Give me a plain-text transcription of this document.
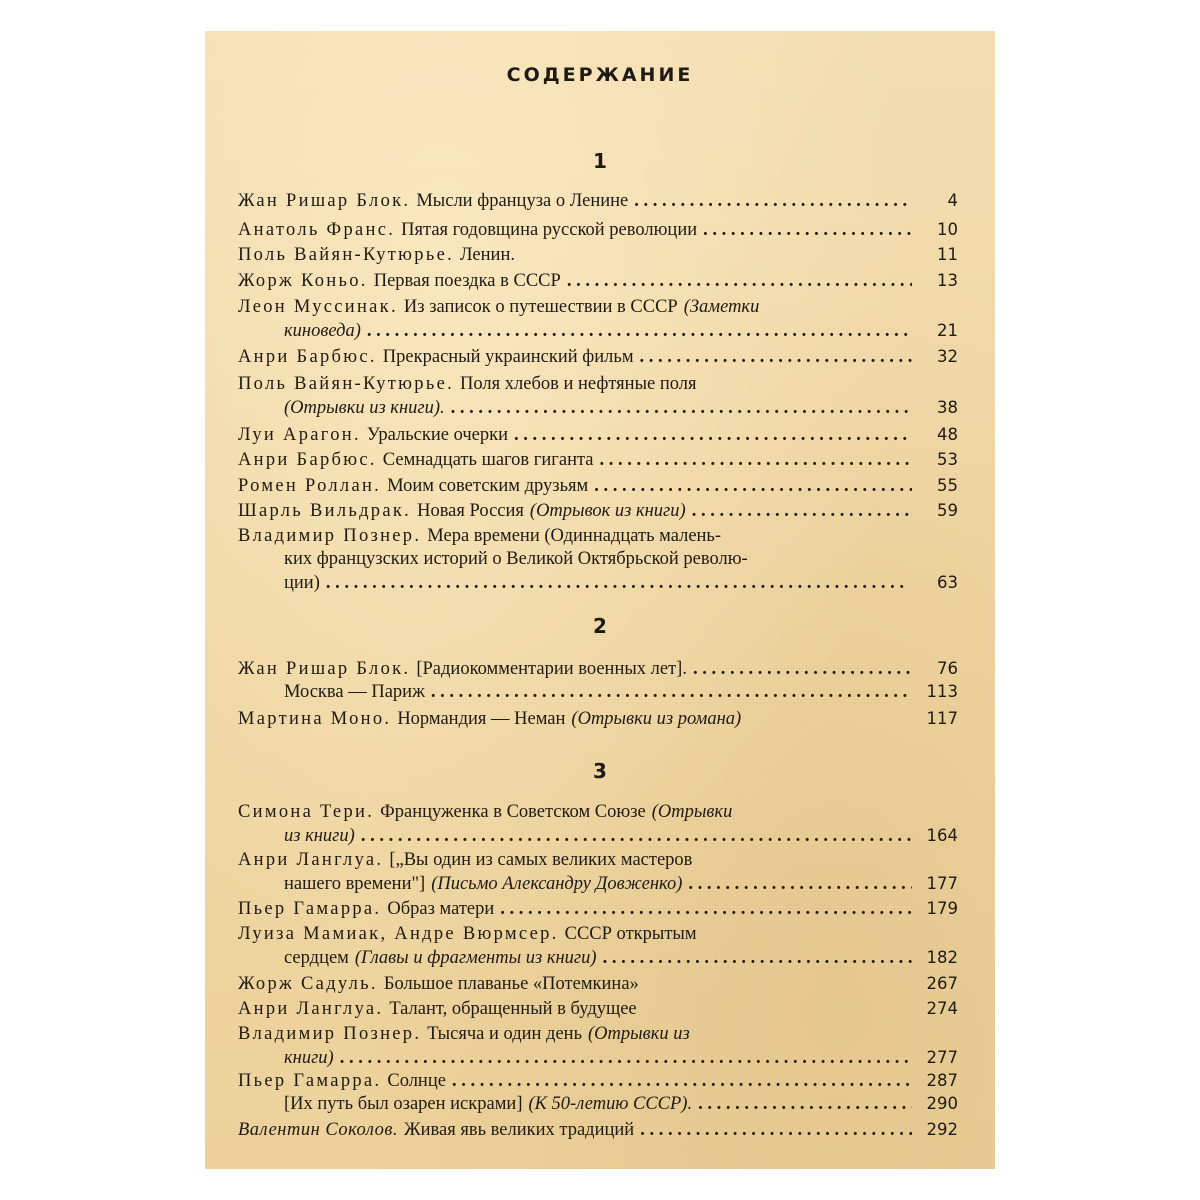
СОДЕРЖАНИЕ
1
Жан Ришар Блок. Мысли француза о Ленине . . .	4
Анатоль Франс. Пятая годовщина русской революции . . .	10
Поль Вайян-Кутюрье. Ленин.	11
Жорж Коньо. Первая поездка в СССР . . .	13
Леон Муссинак. Из записок о путешествии в СССР (Заметки
киноведа) . . .	21
Анри Барбюс. Прекрасный украинский фильм . . .	32
Поль Вайян-Кутюрье. Поля хлебов и нефтяные поля
(Отрывки из книги). . . .	38
Луи Арагон. Уральские очерки . . .	48
Анри Барбюс. Семнадцать шагов гиганта . . .	53
Ромен Роллан. Моим советским друзьям . . .	55
Шарль Вильдрак. Новая Россия (Отрывок из книги) . . .	59
Владимир Познер. Мера времени (Одиннадцать малень-
ких французских историй о Великой Октябрьской револю-
ции) . . .	63
2
Жан Ришар Блок. [Радиокомментарии военных лет]. . . .	76
Москва — Париж . . .	113
Мартина Моно. Нормандия — Неман (Отрывки из романа)	117
3
Симона Тери. Француженка в Советском Союзе (Отрывки
из книги) . . .	164
Анри Ланглуа. [„Вы один из самых великих мастеров
нашего времени"] (Письмо Александру Довженко) . . .	177
Пьер Гамарра. Образ матери . . .	179
Луиза Мамиак, Андре Вюрмсер. СССР открытым
сердцем (Главы и фрагменты из книги) . . .	182
Жорж Садуль. Большое плаванье «Потемкина»	267
Анри Ланглуа. Талант, обращенный в будущее	274
Владимир Познер. Тысяча и один день (Отрывки из
книги) . . .	277
Пьер Гамарра. Солнце . . .	287
[Их путь был озарен искрами] (К 50-летию СССР). . . .	290
Валентин Соколов. Живая явь великих традиций . . .	292
